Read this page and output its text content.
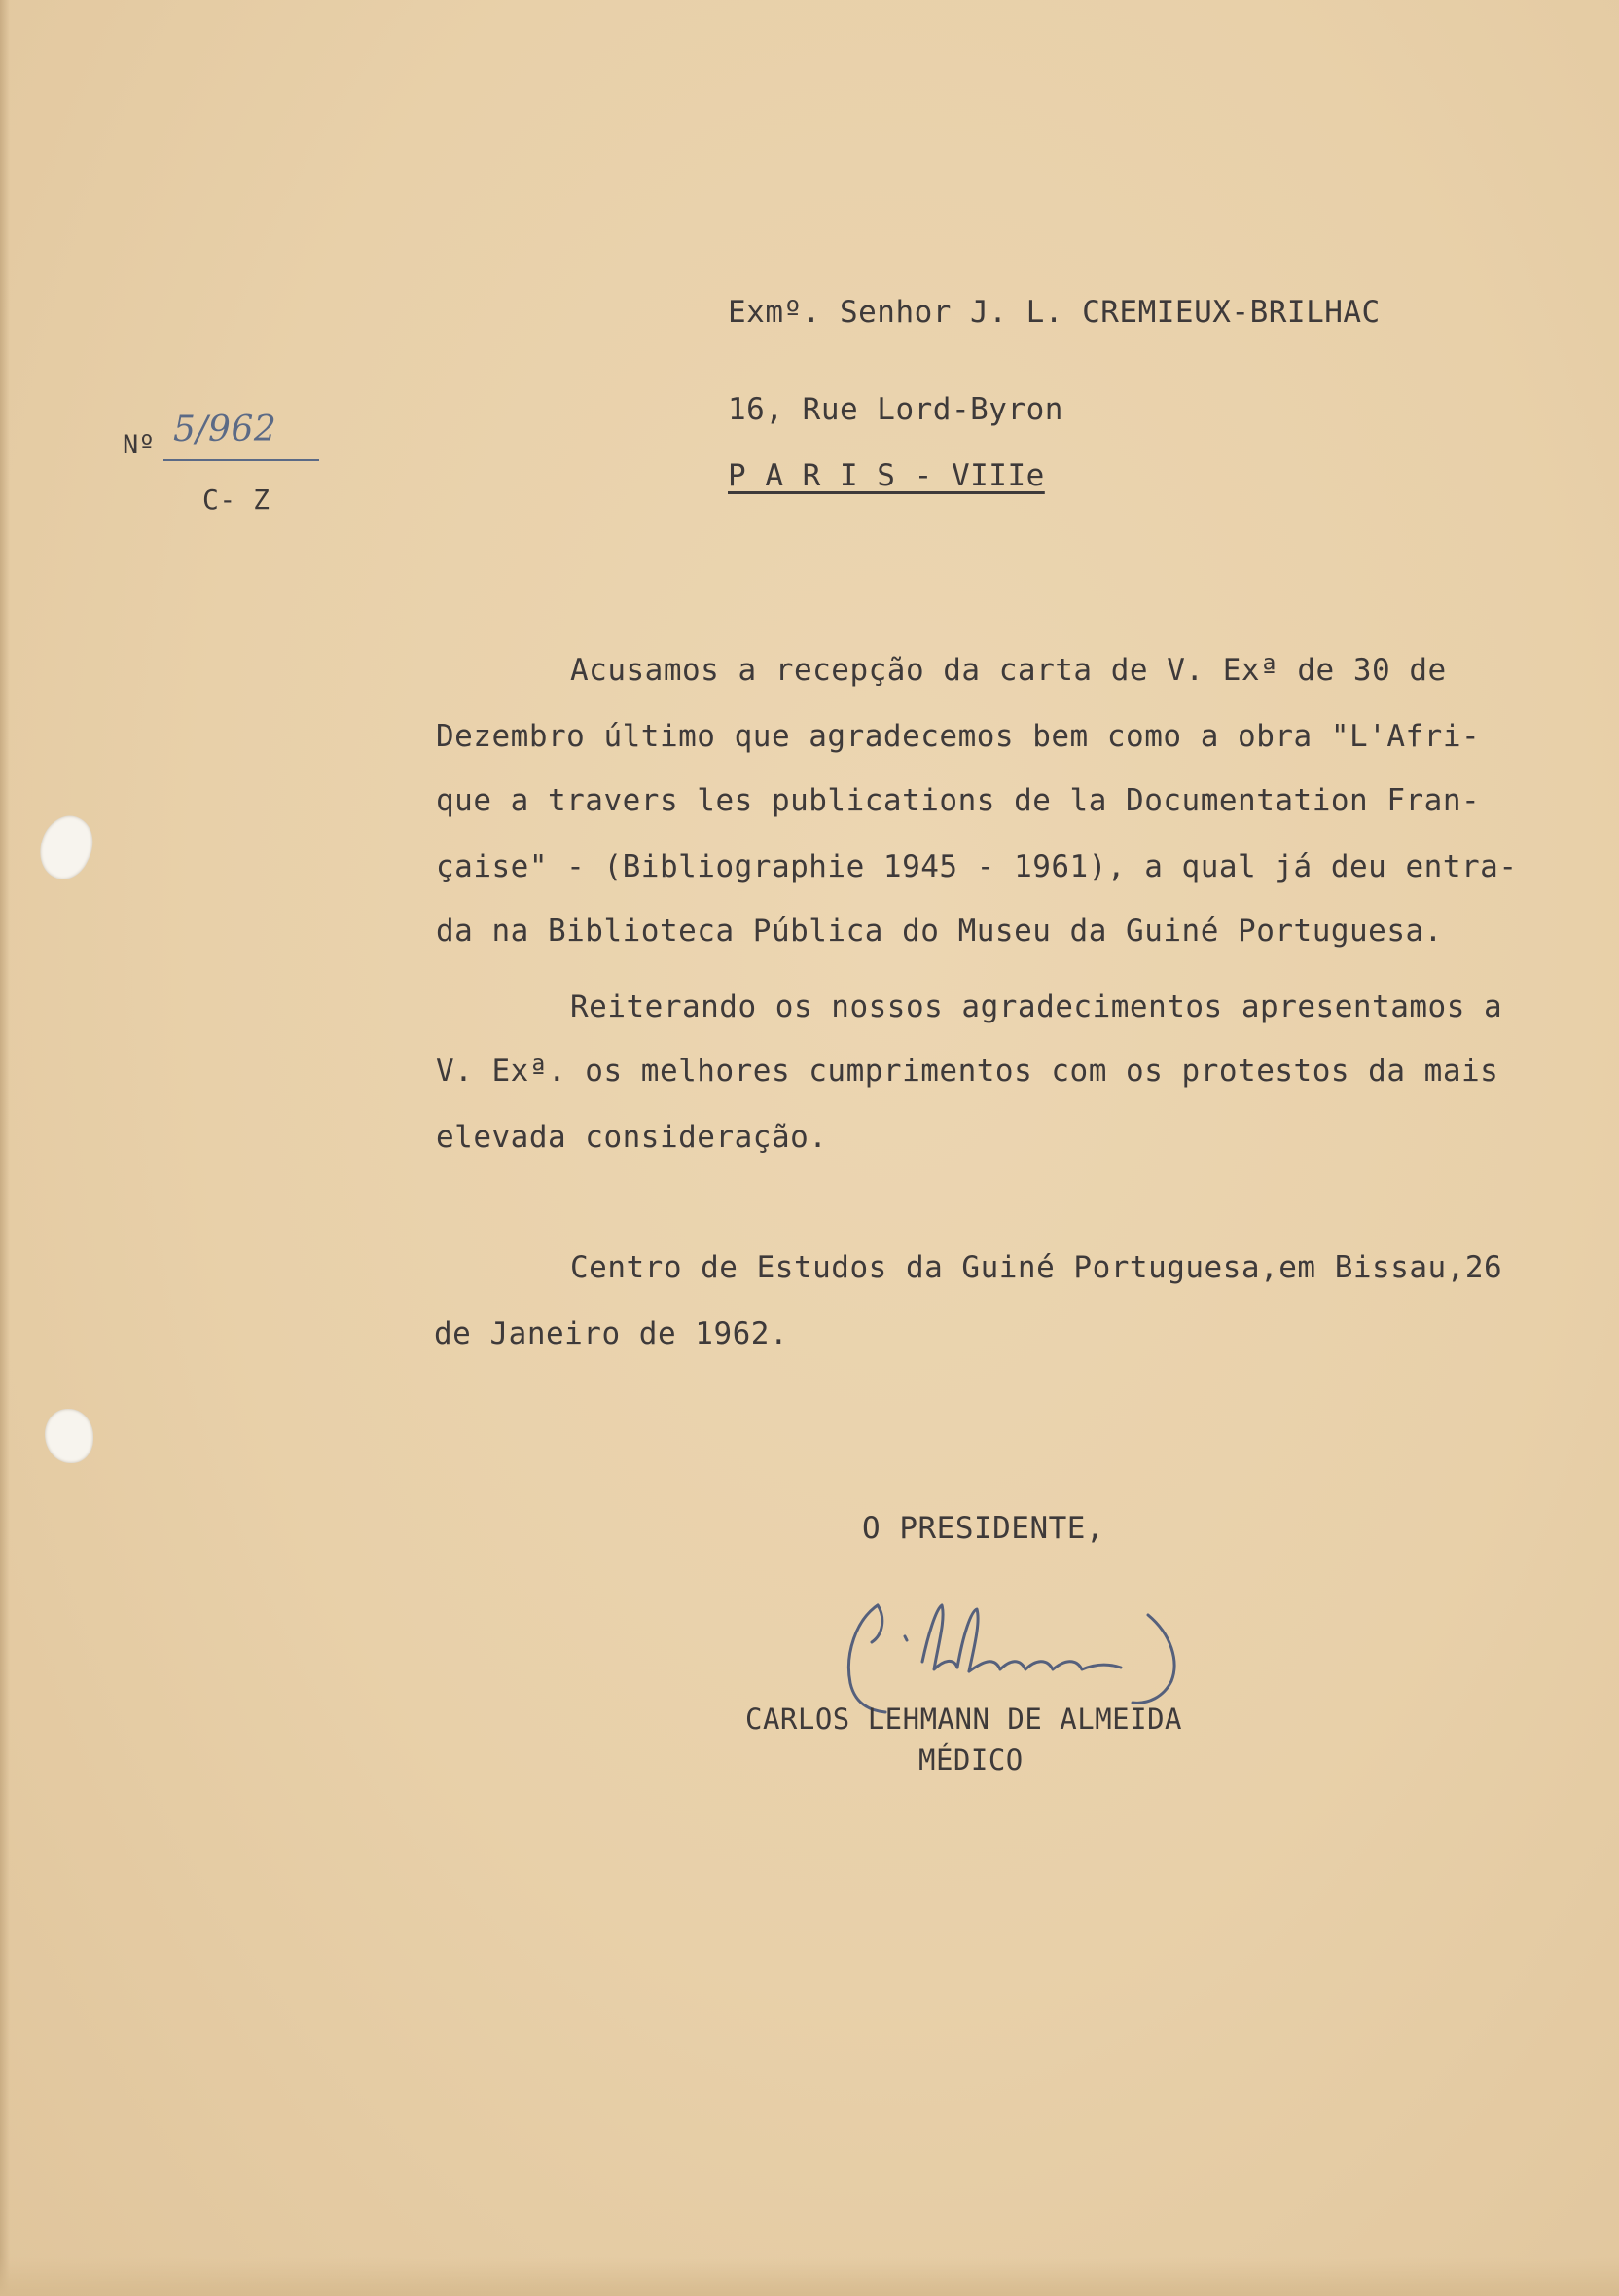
Exmº. Senhor J. L. CREMIEUX-BRILHAC
16, Rue Lord-Byron
P A R I S - VIIIe
Nº 5/962
C- Z
Acusamos a recepção da carta de V. Exª de 30 de
Dezembro último que agradecemos bem como a obra "L'Afri-
que a travers les publications de la Documentation Fran-
çaise" - (Bibliographie 1945 - 1961), a qual já deu entra-
da na Biblioteca Pública do Museu da Guiné Portuguesa.
Reiterando os nossos agradecimentos apresentamos a
V. Exª. os melhores cumprimentos com os protestos da mais
elevada consideração.
Centro de Estudos da Guiné Portuguesa,em Bissau,26
de Janeiro de 1962.
O PRESIDENTE,
CARLOS LEHMANN DE ALMEIDA
MÉDICO
